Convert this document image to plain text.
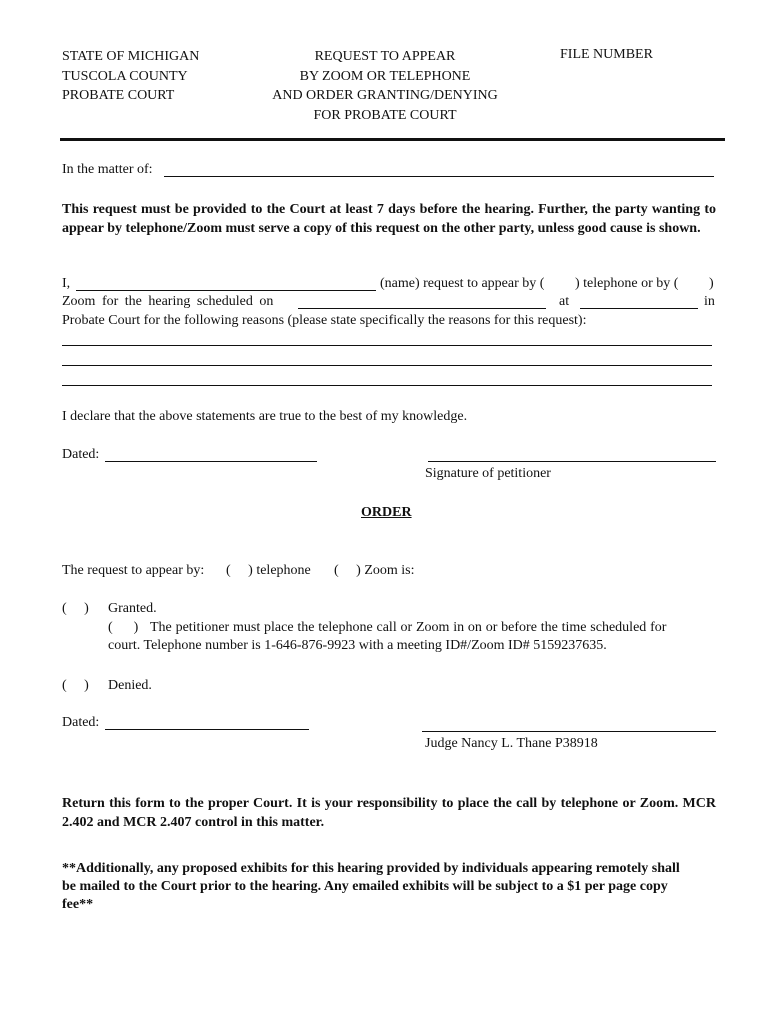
STATE OF MICHIGAN
TUSCOLA COUNTY
PROBATE COURT
REQUEST TO APPEAR
BY ZOOM OR TELEPHONE
AND ORDER GRANTING/DENYING
FOR PROBATE COURT
FILE NUMBER
In the matter of:
This request must be provided to the Court at least 7 days before the hearing. Further, the party wanting to appear by telephone/Zoom must serve a copy of this request on the other party, unless good cause is shown.
I,	(name) request to appear by ( ) telephone or by ( )
Zoom for the hearing scheduled on	at	in
Probate Court for the following reasons (please state specifically the reasons for this request):
I declare that the above statements are true to the best of my knowledge.
Dated:
Signature of petitioner
ORDER
The request to appear by: (     ) telephone (     ) Zoom is:
(     ) Granted.
(      ) The petitioner must place the telephone call or Zoom in on or before the time scheduled for
court. Telephone number is 1-646-876-9923 with a meeting ID#/Zoom ID# 5159237635.
(     ) Denied.
Dated:
Judge Nancy L. Thane P38918
Return this form to the proper Court. It is your responsibility to place the call by telephone or Zoom. MCR 2.402 and MCR 2.407 control in this matter.
**Additionally, any proposed exhibits for this hearing provided by individuals appearing remotely shall be mailed to the Court prior to the hearing. Any emailed exhibits will be subject to a $1 per page copy fee**
